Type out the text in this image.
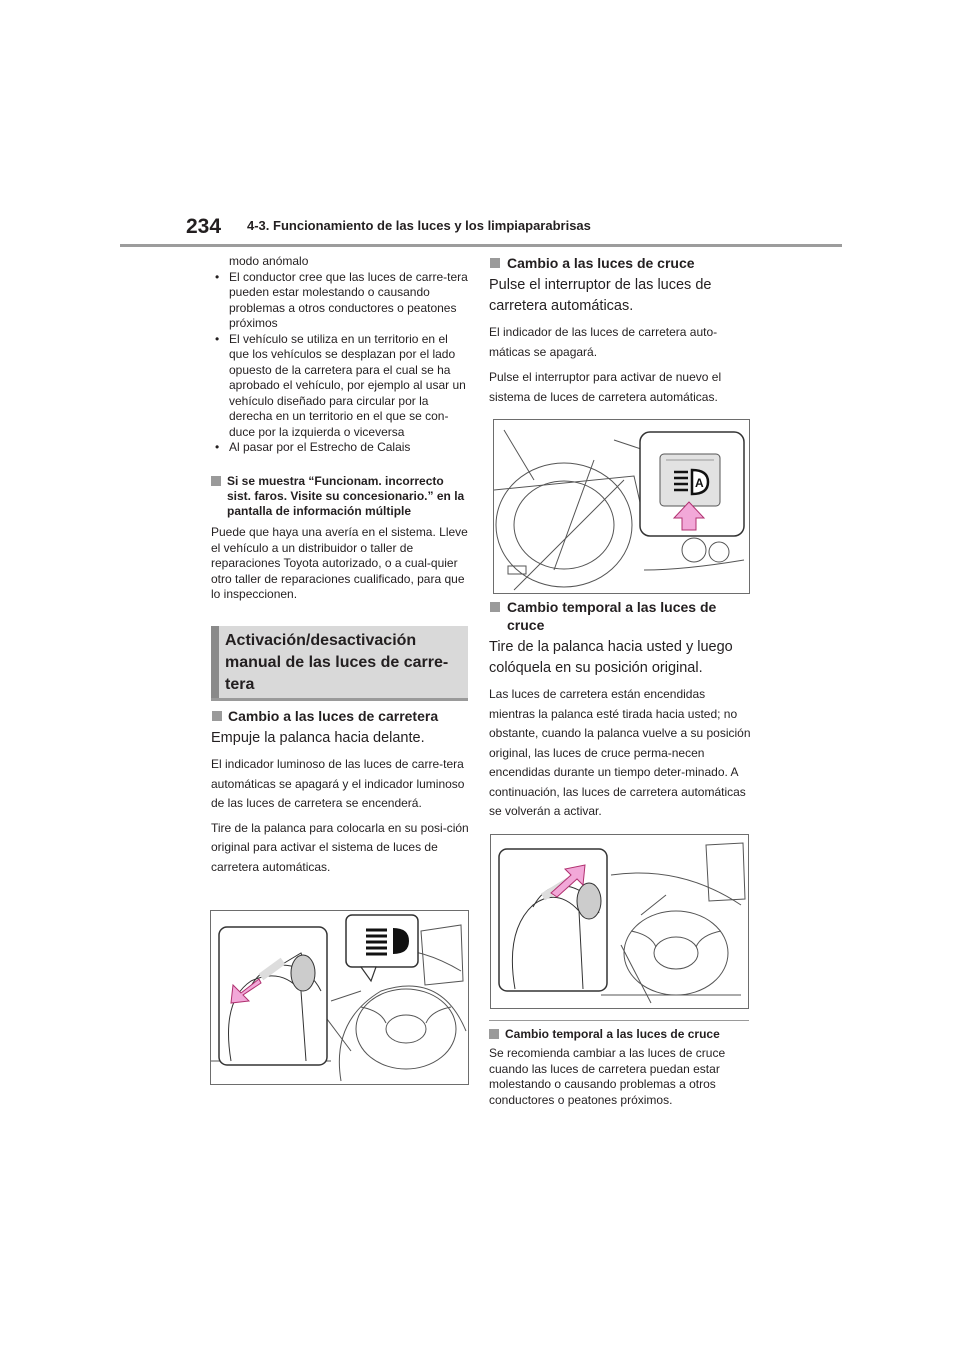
234 4-3. Funcionamiento de las luces y los limpiaparabrisas

modo anómalo

• El conductor cree que las luces de carre-tera pueden estar molestando o causando problemas a otros conductores o peatones próximos

• El vehículo se utiliza en un territorio en el que los vehículos se desplazan por el lado opuesto de la carretera para el cual se ha aprobado el vehículo, por ejemplo al usar un vehículo diseñado para circular por la derecha en un territorio en el que se con-duce por la izquierda o viceversa

• Al pasar por el Estrecho de Calais

Si se muestra “Funcionam. incorrecto sist. faros. Visite su concesionario.” en la pantalla de información múltiple

Puede que haya una avería en el sistema. Lleve el vehículo a un distribuidor o taller de reparaciones Toyota autorizado, o a cual-quier otro taller de reparaciones cualificado, para que lo inspeccionen.

Activación/desactivación manual de las luces de carre-tera
Cambio a las luces de carretera

Empuje la palanca hacia delante.

El indicador luminoso de las luces de carre-tera automáticas se apagará y el indicador luminoso de las luces de carretera se encenderá.

Tire de la palanca para colocarla en su posi-ción original para activar el sistema de luces de carretera automáticas.

Cambio a las luces de cruce

Pulse el interruptor de las luces de carretera automáticas.

El indicador de las luces de carretera auto-máticas se apagará.

Pulse el interruptor para activar de nuevo el sistema de luces de carretera automáticas.

A
Cambio temporal a las luces de cruce

Tire de la palanca hacia usted y luego colóquela en su posición original.

Las luces de carretera están encendidas mientras la palanca esté tirada hacia usted; no obstante, cuando la palanca vuelve a su posición original, las luces de cruce perma-necen encendidas durante un tiempo deter-minado. A continuación, las luces de carretera automáticas se volverán a activar.

Cambio temporal a las luces de cruce

Se recomienda cambiar a las luces de cruce cuando las luces de carretera puedan estar molestando o causando problemas a otros conductores o peatones próximos.
